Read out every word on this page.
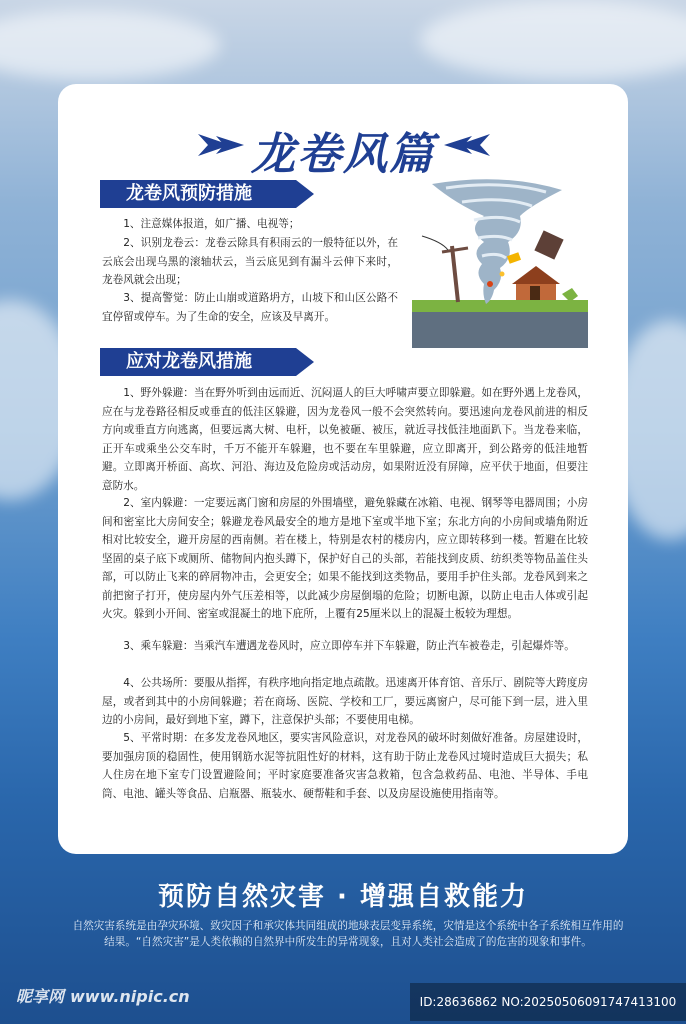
龙卷风篇
龙卷风预防措施

1、注意媒体报道，如广播、电视等；

2、识别龙卷云：龙卷云除具有积雨云的一般特征以外，在云底会出现乌黑的滚轴状云，当云底见到有漏斗云伸下来时，龙卷风就会出现；

3、提高警觉：防止山崩或道路坍方，山坡下和山区公路不宜停留或停车。为了生命的安全，应该及早离开。

应对龙卷风措施

1、野外躲避：当在野外听到由远而近、沉闷逼人的巨大呼啸声要立即躲避。如在野外遇上龙卷风，应在与龙卷路径相反或垂直的低洼区躲避，因为龙卷风一般不会突然转向。要迅速向龙卷风前进的相反方向或垂直方向逃离，但要远离大树、电杆，以免被砸、被压，就近寻找低洼地面趴下。当龙卷来临，正开车或乘坐公交车时，千万不能开车躲避，也不要在车里躲避，应立即离开，到公路旁的低洼地暂避。立即离开桥面、高坎、河沿、海边及危险房或活动房，如果附近没有屏障，应平伏于地面，但要注意防水。

2、室内躲避：一定要远离门窗和房屋的外围墙壁，避免躲藏在冰箱、电视、钢琴等电器周围；小房间和密室比大房间安全；躲避龙卷风最安全的地方是地下室或半地下室；东北方向的小房间或墙角附近相对比较安全，避开房屋的西南侧。若在楼上，特别是农村的楼房内，应立即转移到一楼。暂避在比较坚固的桌子底下或厕所、储物间内抱头蹲下，保护好自己的头部，若能找到皮质、纺织类等物品盖住头部，可以防止飞来的碎屑物冲击，会更安全；如果不能找到这类物品，要用手护住头部。龙卷风到来之前把窗子打开，使房屋内外气压差相等，以此减少房屋倒塌的危险；切断电源，以防止电击人体或引起火灾。躲到小开间、密室或混凝土的地下庇所，上覆有25厘米以上的混凝土板较为理想。

3、乘车躲避：当乘汽车遭遇龙卷风时，应立即停车并下车躲避，防止汽车被卷走，引起爆炸等。

4、公共场所：要服从指挥，有秩序地向指定地点疏散。迅速离开体育馆、音乐厅、剧院等大跨度房屋，或者到其中的小房间躲避；若在商场、医院、学校和工厂，要远离窗户，尽可能下到一层，进入里边的小房间，最好到地下室，蹲下，注意保护头部；不要使用电梯。

5、平常时期：在多发龙卷风地区，要实害风险意识，对龙卷风的破坏时刻做好准备。房屋建设时，要加强房顶的稳固性，使用钢筋水泥等抗阻性好的材料，这有助于防止龙卷风过境时造成巨大损失；私人住房在地下室专门设置避险间；平时家庭要准备灾害急救箱，包含急救药品、电池、半导体、手电筒、电池、罐头等食品、启瓶器、瓶装水、硬帮鞋和手套、以及房屋设施使用指南等。

预防自然灾害 · 增强自救能力
自然灾害系统是由孕灾环境、致灾因子和承灾体共同组成的地球表层变异系统，灾情是这个系统中各子系统相互作用的结果。“自然灾害”是人类依赖的自然界中所发生的异常现象，且对人类社会造成了的危害的现象和事件。
昵享网 www.nipic.cn	ID:28636862 NO:20250506091747413100
